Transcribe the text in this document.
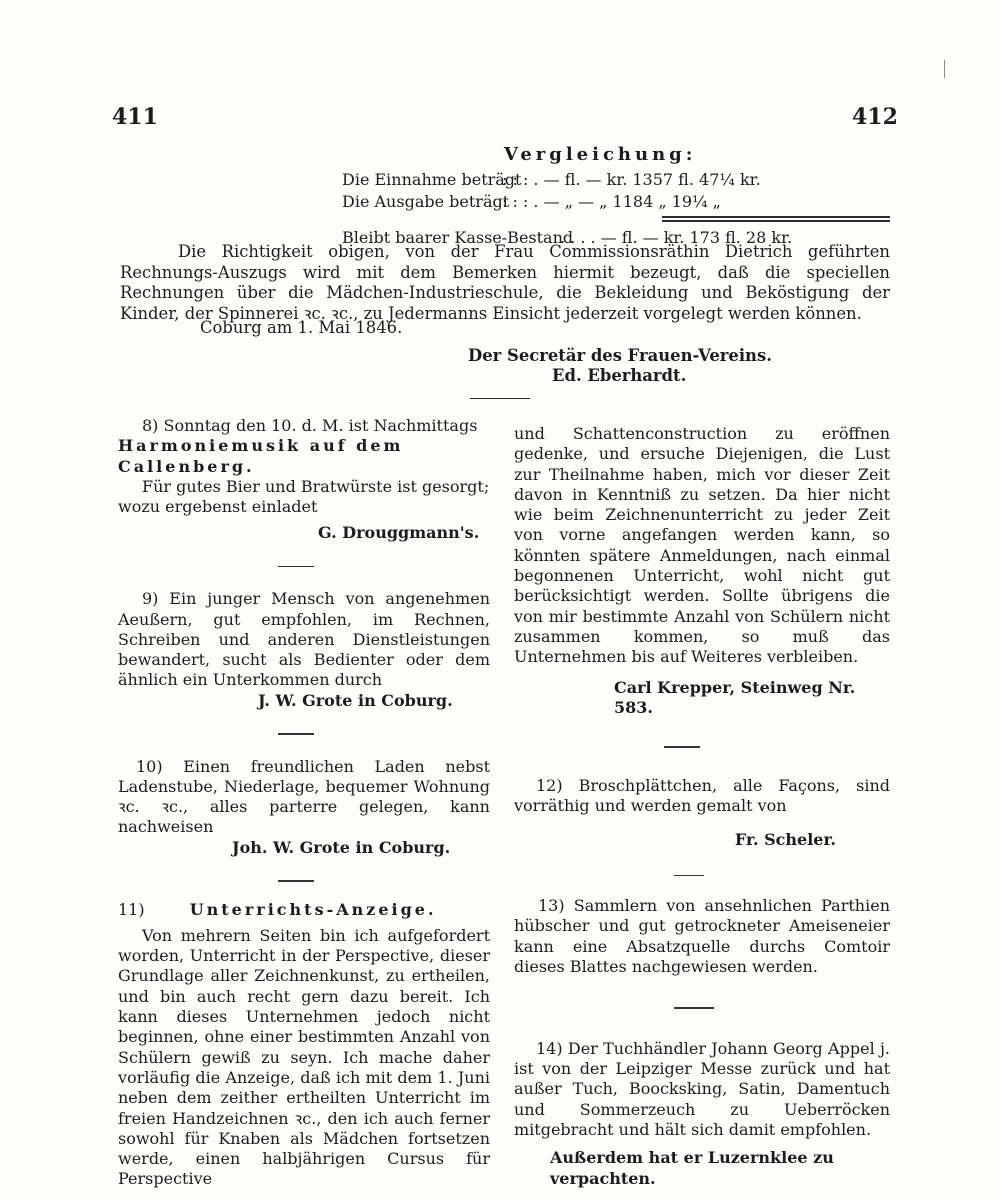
411	412
Vergleichung:
Die Einnahme beträgt
: : : . — fl. — kr. 1357 fl. 47¼ kr.
Die Ausgabe beträgt
: : : . — „ — „ 1184 „ 19¼ „
Bleibt baarer Kasse-Bestand
. . . . — fl. — kr. 173 fl. 28 kr.
Die Richtigkeit obigen, von der Frau Commissionsräthin Dietrich geführten Rechnungs-Auszugs wird mit dem Bemerken hiermit bezeugt, daß die speciellen Rechnungen über die Mädchen-Industrieschule, die Bekleidung und Beköstigung der Kinder, der Spinnerei ꝛc. ꝛc., zu Jedermanns Einsicht jederzeit vorgelegt werden können.
Coburg am 1. Mai 1846.
Der Secretär des Frauen-Vereins.
Ed. Eberhardt.

8) Sonntag den 10. d. M. ist Nachmittags

Harmoniemusik auf dem Callenberg.

Für gutes Bier und Bratwürste ist gesorgt;

wozu ergebenst einladet

G. Drouggmann's.

9) Ein junger Mensch von angenehmen Aeußern, gut empfohlen, im Rechnen, Schreiben und anderen Dienstleistungen bewandert, sucht als Bedienter oder dem ähnlich ein Unterkommen durch

J. W. Grote in Coburg.

10) Einen freundlichen Laden nebst Ladenstube, Niederlage, bequemer Wohnung ꝛc. ꝛc., alles parterre gelegen, kann nachweisen

Joh. W. Grote in Coburg.

11)	Unterrichts-Anzeige.

Von mehrern Seiten bin ich aufgefordert worden, Unterricht in der Perspective, dieser Grundlage aller Zeichnenkunst, zu ertheilen, und bin auch recht gern dazu bereit. Ich kann dieses Unternehmen jedoch nicht beginnen, ohne einer bestimmten Anzahl von Schülern gewiß zu seyn. Ich mache daher vorläufig die Anzeige, daß ich mit dem 1. Juni neben dem zeither ertheilten Unterricht im freien Handzeichnen ꝛc., den ich auch ferner sowohl für Knaben als Mädchen fortsetzen werde, einen halbjährigen Cursus für Perspective

und Schattenconstruction zu eröffnen gedenke, und ersuche Diejenigen, die Lust zur Theilnahme haben, mich vor dieser Zeit davon in Kenntniß zu setzen. Da hier nicht wie beim Zeichnenunterricht zu jeder Zeit von vorne angefangen werden kann, so könnten spätere Anmeldungen, nach einmal begonnenen Unterricht, wohl nicht gut berücksichtigt werden. Sollte übrigens die von mir bestimmte Anzahl von Schülern nicht zusammen kommen, so muß das Unternehmen bis auf Weiteres verbleiben.

Carl Krepper, Steinweg Nr. 583.

12) Broschplättchen, alle Façons, sind vorräthig und werden gemalt von

Fr. Scheler.

13) Sammlern von ansehnlichen Parthien hübscher und gut getrockneter Ameiseneier kann eine Absatzquelle durchs Comtoir dieses Blattes nachgewiesen werden.

14) Der Tuchhändler Johann Georg Appel j. ist von der Leipziger Messe zurück und hat außer Tuch, Boocksking, Satin, Damentuch und Sommerzeuch zu Ueberröcken mitgebracht und hält sich damit empfohlen.

Außerdem hat er Luzernklee zu verpachten.
